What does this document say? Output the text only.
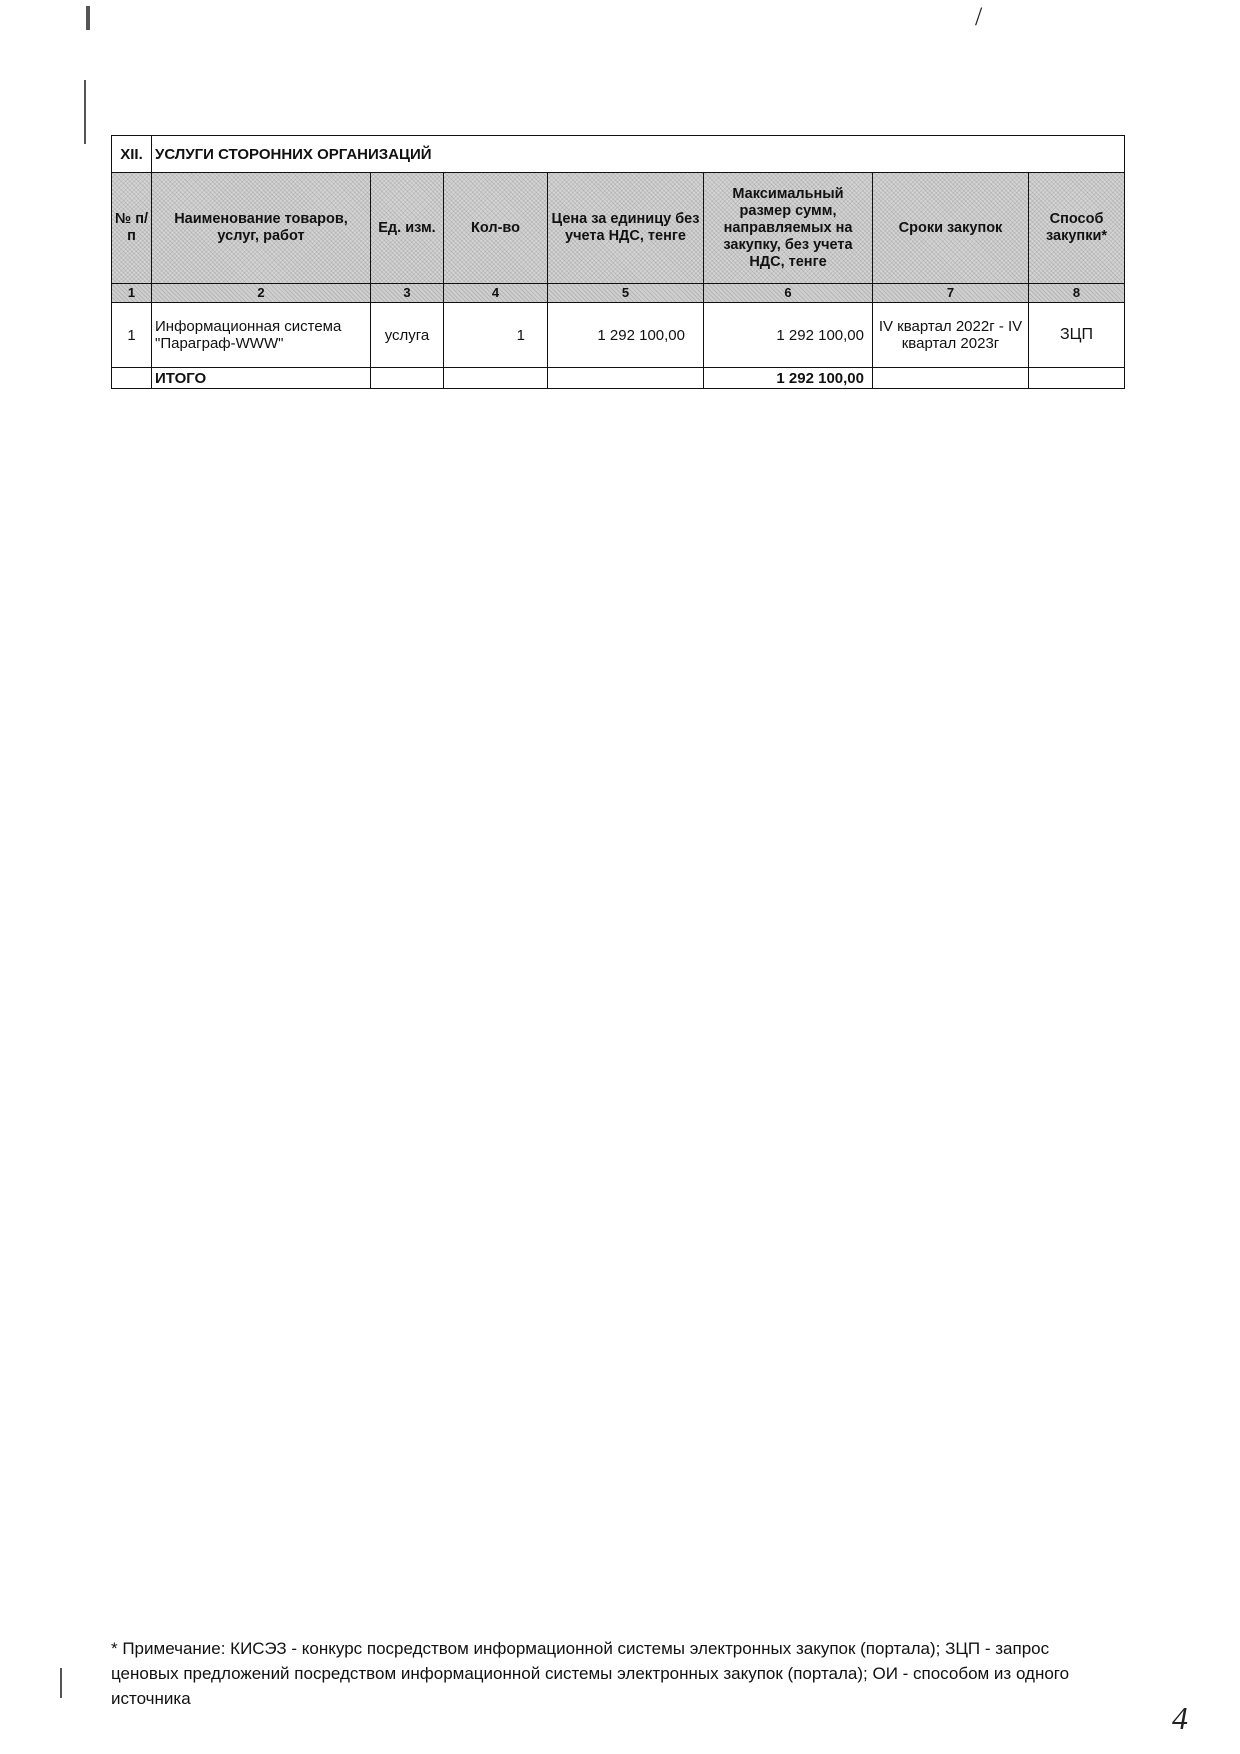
/
XII.	УСЛУГИ СТОРОННИХ ОРГАНИЗАЦИЙ						
№ п/п	Наименование товаров, услуг, работ	Ед. изм.	Кол-во	Цена за единицу без учета НДС, тенге	Максимальный размер сумм, направляемых на закупку, без учета НДС, тенге	Сроки закупок	Способ закупки*
1	2	3	4	5	6	7	8
1	Информационная система "Параграф-WWW"	услуга	1	1 292 100,00	1 292 100,00	IV квартал 2022г - IV квартал 2023г	ЗЦП
	ИТОГО				1 292 100,00		
* Примечание: КИСЭЗ - конкурс посредством информационной системы электронных закупок (портала); ЗЦП - запрос ценовых предложений посредством информационной системы электронных закупок (портала); ОИ - способом из одного источника
4
